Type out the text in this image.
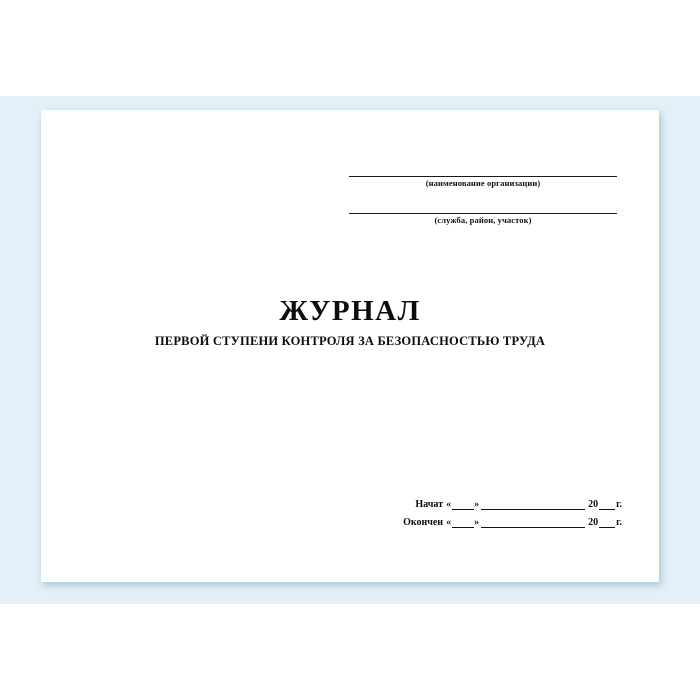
(наименование организации)
(служба, район, участок)
ЖУРНАЛ
ПЕРВОЙ СТУПЕНИ КОНТРОЛЯ ЗА БЕЗОПАСНОСТЬЮ ТРУДА
Начат « »	20 г.
Окончен « »	20 г.
